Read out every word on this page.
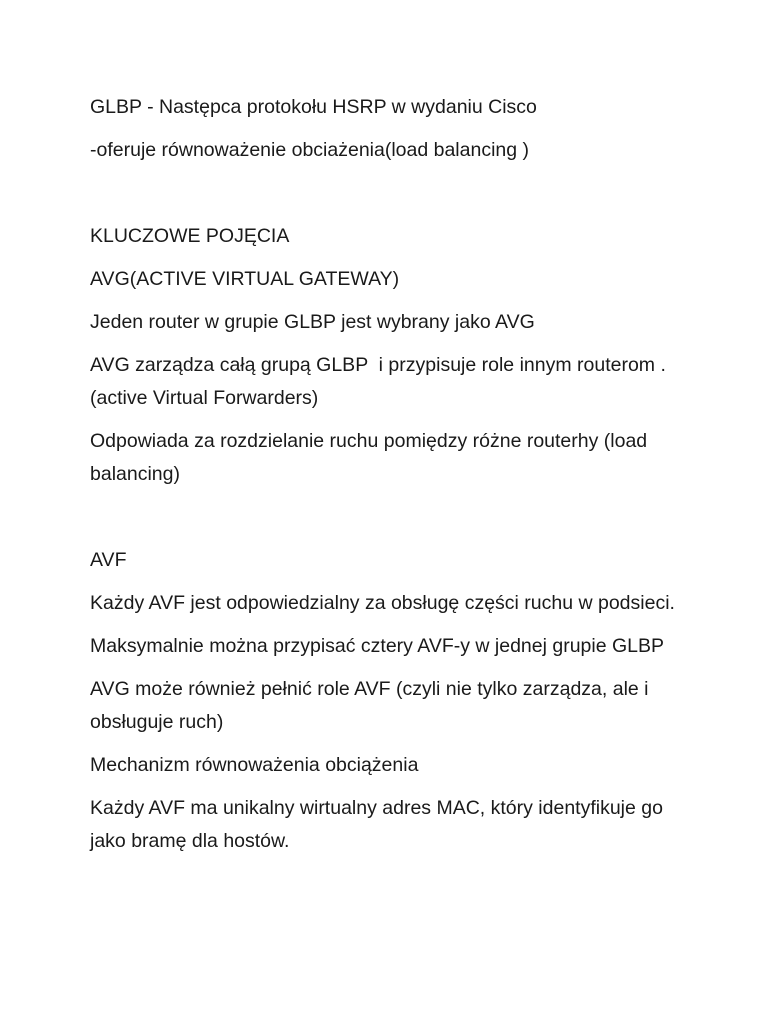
GLBP - Następca protokołu HSRP w wydaniu Cisco

-oferuje równoważenie obciażenia(load balancing )

KLUCZOWE POJĘCIA

AVG(ACTIVE VIRTUAL GATEWAY)

Jeden router w grupie GLBP jest wybrany jako AVG

AVG zarządza całą grupą GLBP  i przypisuje role innym routerom .(active Virtual Forwarders)

Odpowiada za rozdzielanie ruchu pomiędzy różne routerhy (load balancing)

AVF

Każdy AVF jest odpowiedzialny za obsługę części ruchu w podsieci.

Maksymalnie można przypisać cztery AVF-y w jednej grupie GLBP

AVG może również pełnić role AVF (czyli nie tylko zarządza, ale i obsługuje ruch)

Mechanizm równoważenia obciążenia

Każdy AVF ma unikalny wirtualny adres MAC, który identyfikuje go jako bramę dla hostów.
